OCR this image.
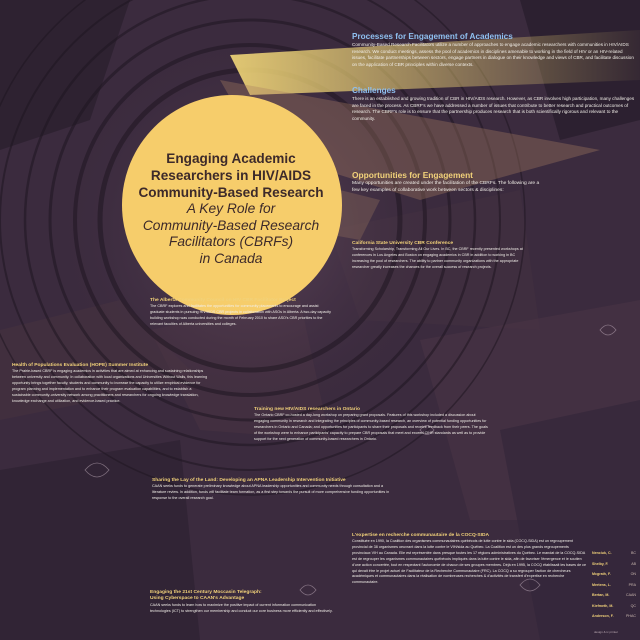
Engaging Academic
Researchers in HIV/AIDS
Community-Based Research
A Key Role for
Community-Based Research
Facilitators (CBRFs)
in Canada
Processes for Engagement of Academics
Community-Based Research Facilitators utilize a number of approaches to engage academic researchers with communities in HIV/AIDS research. We conduct meetings, assess the pool of academics in disciplines amenable to working in the field of HIV or an HIV-related issues, facilitate partnerships between sectors, engage partners in dialogue on their knowledge and views of CBR, and facilitate discussion on the application of CBR principles within diverse contexts.
Challenges
There is an established and growing tradition of CBR in HIV/AIDS research. However, as CBR involves high participation, many challenges are faced in the process. As CBRF's we have addressed a number of issues that contribute to better research and practical outcomes of research. The CBRF's role is to ensure that the partnership produces research that is both scientifically rigorous and relevant to the community.
Opportunities for Engagement
Many opportunities are created under the facilitation of the CBRFs. The following are a few key examples of collaborative work between sectors & disciplines:
California State University CBR Conference
Transforming Scholarship, Transforming All Our Lives. In BC, the CBRF recently presented workshops at conferences in Los Angeles and Boston on engaging academics in CBR in addition to working in BC increasing the pool of researchers. The ability to partner community organizations with the appropriate researcher greatly increases the chances for the overall success of research projects.
The Alberta Community Council on HIV CBR Facilitator Project
The CBRF explores and facilitates the opportunities for community placements to encourage and assist graduate students in pursuing HIV/AIDS CBR projects in collaboration with ASOs in Alberta. A two-day capacity building workshop was conducted during the month of February 2010 to share ASO's CBR priorities to the relevant faculties of Alberta universities and colleges.
Health of Populations Evaluation (HOPE) Summer Institute
The Prairie-based CBRF is engaging academics in activities that are aimed at enhancing and sustaining relationships between university and community. In collaboration with local organizations and Universities Without Walls, this learning opportunity brings together faculty, students and community to increase the capacity to utilize empirical evidence for program planning and implementation and to enhance their program evaluation capabilities, and to establish a sustainable community-university network among practitioners and researchers for ongoing knowledge translation, knowledge exchange and utilization, and evidence-based practice.
Training new HIV/AIDS researchers in Ontario
The Ontario CBRF co-hosted a day-long workshop on preparing grant proposals. Features of this workshop included a discussion about engaging community in research and integrating the principles of community-based research, an overview of potential funding opportunities for researchers in Ontario and Canada; and opportunities for participants to share their proposals and receive feedback from their peers. The goals of the workshop were to enhance participants' capacity to prepare CBR proposals that meet and exceed CIHR standards as well as to provide support for the next generation of community-based researchers in Ontario.
Sharing the Lay of the Land: Developing an APNA Leadership Intervention Initiative
CAAN seeks funds to generate preliminary knowledge about APNA leadership opportunities and community needs through consultation and a literature review. In addition, funds will facilitate team formation, as a first step towards the pursuit of more comprehensive funding opportunities in response to the overall research goal.
L'expertise en recherche communautaire de la COCQ-SIDA
Constituée en 1990, la Coalition des organismes communautaires québécois de lutte contre le sida (COCQ-SIDA) est un regroupement provincial de 38 organismes oeuvrant dans la lutte contre le VIH/sida au Québec. La Coalition est un des plus grands regroupements provinciaux VIH au Canada. Elle est représentée dans presque toutes les 17 régions administratives du Québec. Le mandat de la COCQ-SIDA est de regrouper les organismes communautaires québécois impliqués dans la lutte contre le sida, afin de favoriser l'émergence et le soutien d'une action concertée, tout en respectant l'autonomie de chacun de ses groupes membres. Déjà en 1995, la COCQ établissait les bases de ce qui devait être le projet actuel de Facilitateur de la Recherche Communautaire (FRC). La COCQ a su regrouper l'action de chercheurs académiques et communautaires dans la réalisation de nombreuses recherches & d'activités de transfert d'expertise en recherche communautaire.
Engaging the 21st Century Moccasin Telegraph:
Using Cyberspace to CAAN's Advantage
CAAN seeks funds to learn how to maximize the positive impact of current information communication technologies (ICT) to strengthen our membership and conduct our core business more efficiently and effectively.
Nenciuk, C.	BC
Shelby, F.	AB
Mcgrath, F.	ON
Mertens, L.	PRA
Bertan, M.	CAAN
Kiefmeth, M.	QC
Anderson, F.	PHAC
design & ic printer
